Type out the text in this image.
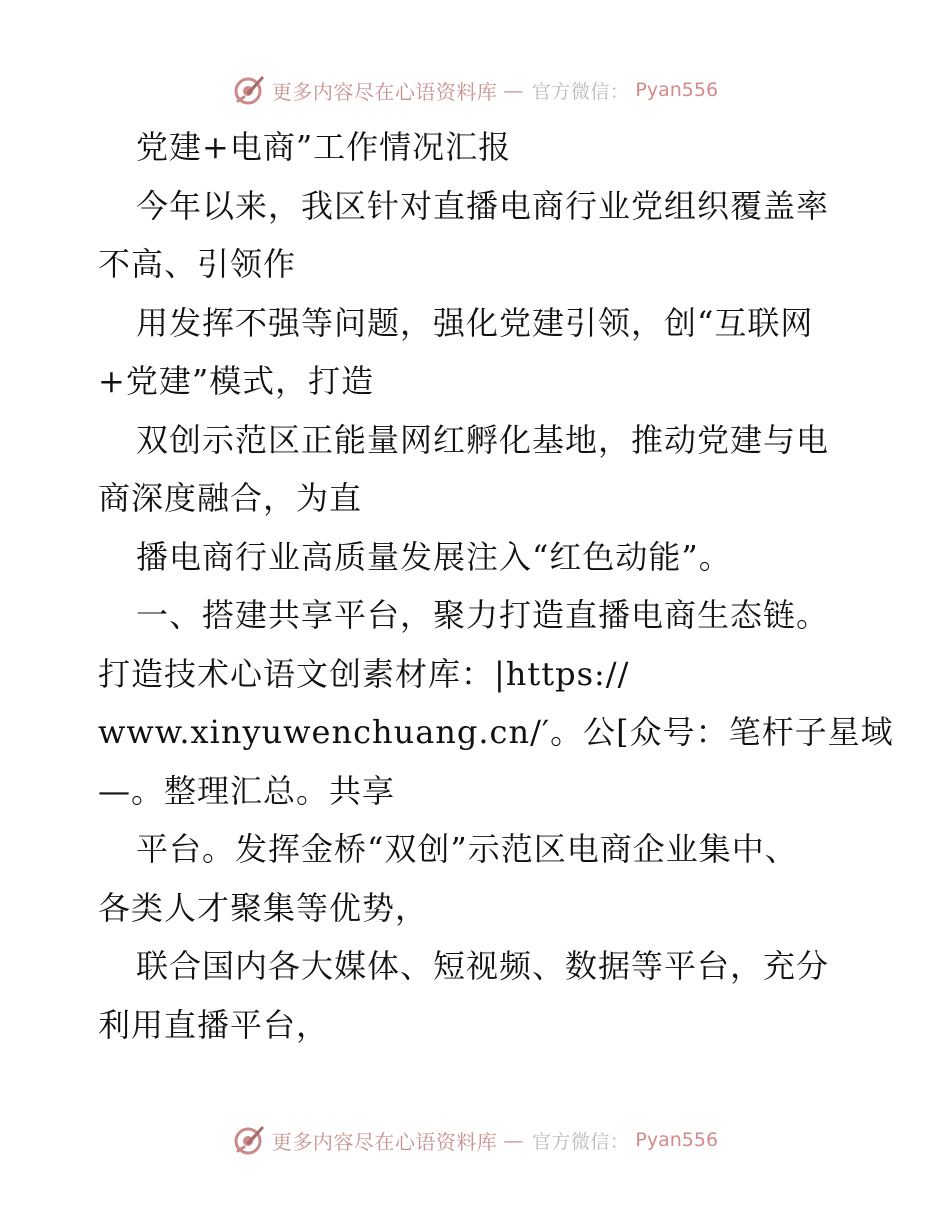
更多内容尽在心语资料库 — 官方微信： Pyan556
党建+电商”工作情况汇报
今年以来，我区针对直播电商行业党组织覆盖率
不高、引领作
用发挥不强等问题，强化党建引领，创“互联网
+党建”模式，打造
双创示范区正能量网红孵化基地，推动党建与电
商深度融合，为直
播电商行业高质量发展注入“红色动能”。
一、搭建共享平台，聚力打造直播电商生态链。
打造技术心语文创素材库：|https://
www.xinyuwenchuang.cn/′。公[众号：笔杆子星域
—。整理汇总。共享
平台。发挥金桥“双创”示范区电商企业集中、
各类人才聚集等优势，
联合国内各大媒体、短视频、数据等平台，充分
利用直播平台，
更多内容尽在心语资料库 — 官方微信： Pyan556
